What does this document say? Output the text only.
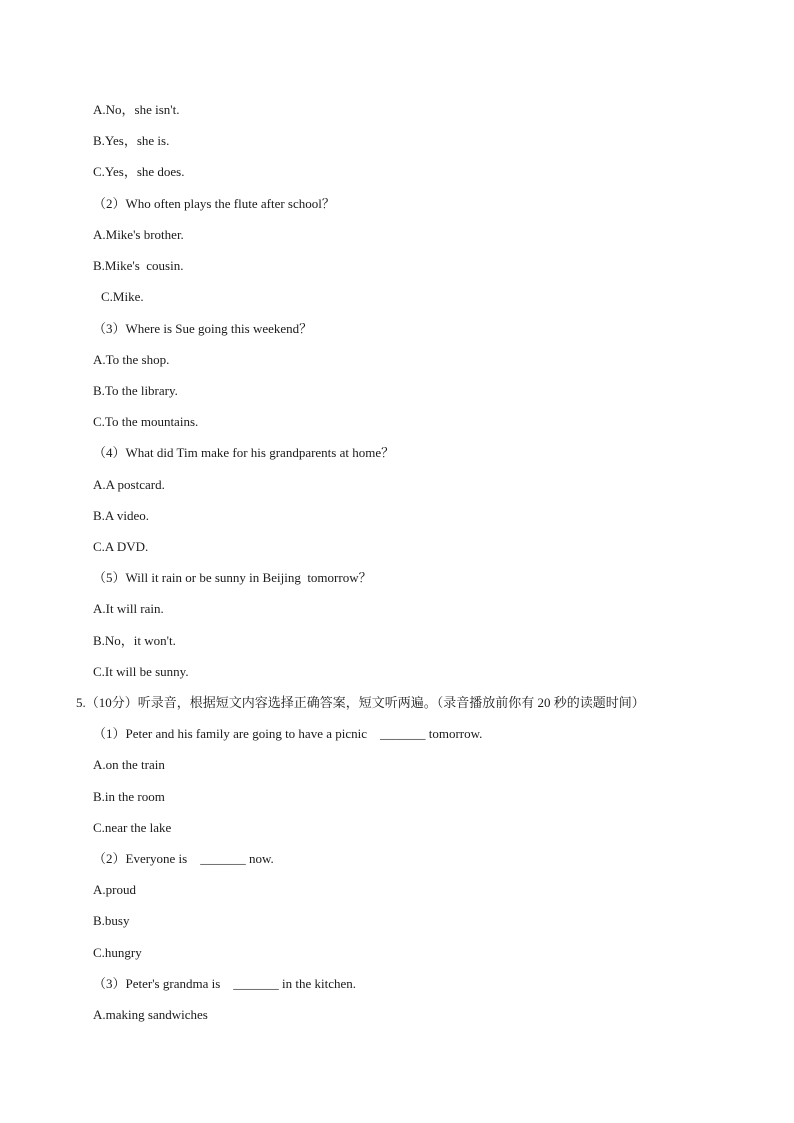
A.No，she isn't.
B.Yes，she is.
C.Yes，she does.
（2）Who often plays the flute after school？
A.Mike's brother.
B.Mike's  cousin.
C.Mike.
（3）Where is Sue going this weekend？
A.To the shop.
B.To the library.
C.To the mountains.
（4）What did Tim make for his grandparents at home？
A.A postcard.
B.A video.
C.A DVD.
（5）Will it rain or be sunny in Beijing  tomorrow？
A.It will rain.
B.No，it won't.
C.It will be sunny.
5.（10分）听录音，根据短文内容选择正确答案，短文听两遍。（录音播放前你有 20 秒的读题时间）
（1）Peter and his family are going to have a picnic    _______ tomorrow.
A.on the train
B.in the room
C.near the lake
（2）Everyone is    _______ now.
A.proud
B.busy
C.hungry
（3）Peter's grandma is    _______ in the kitchen.
A.making sandwiches
